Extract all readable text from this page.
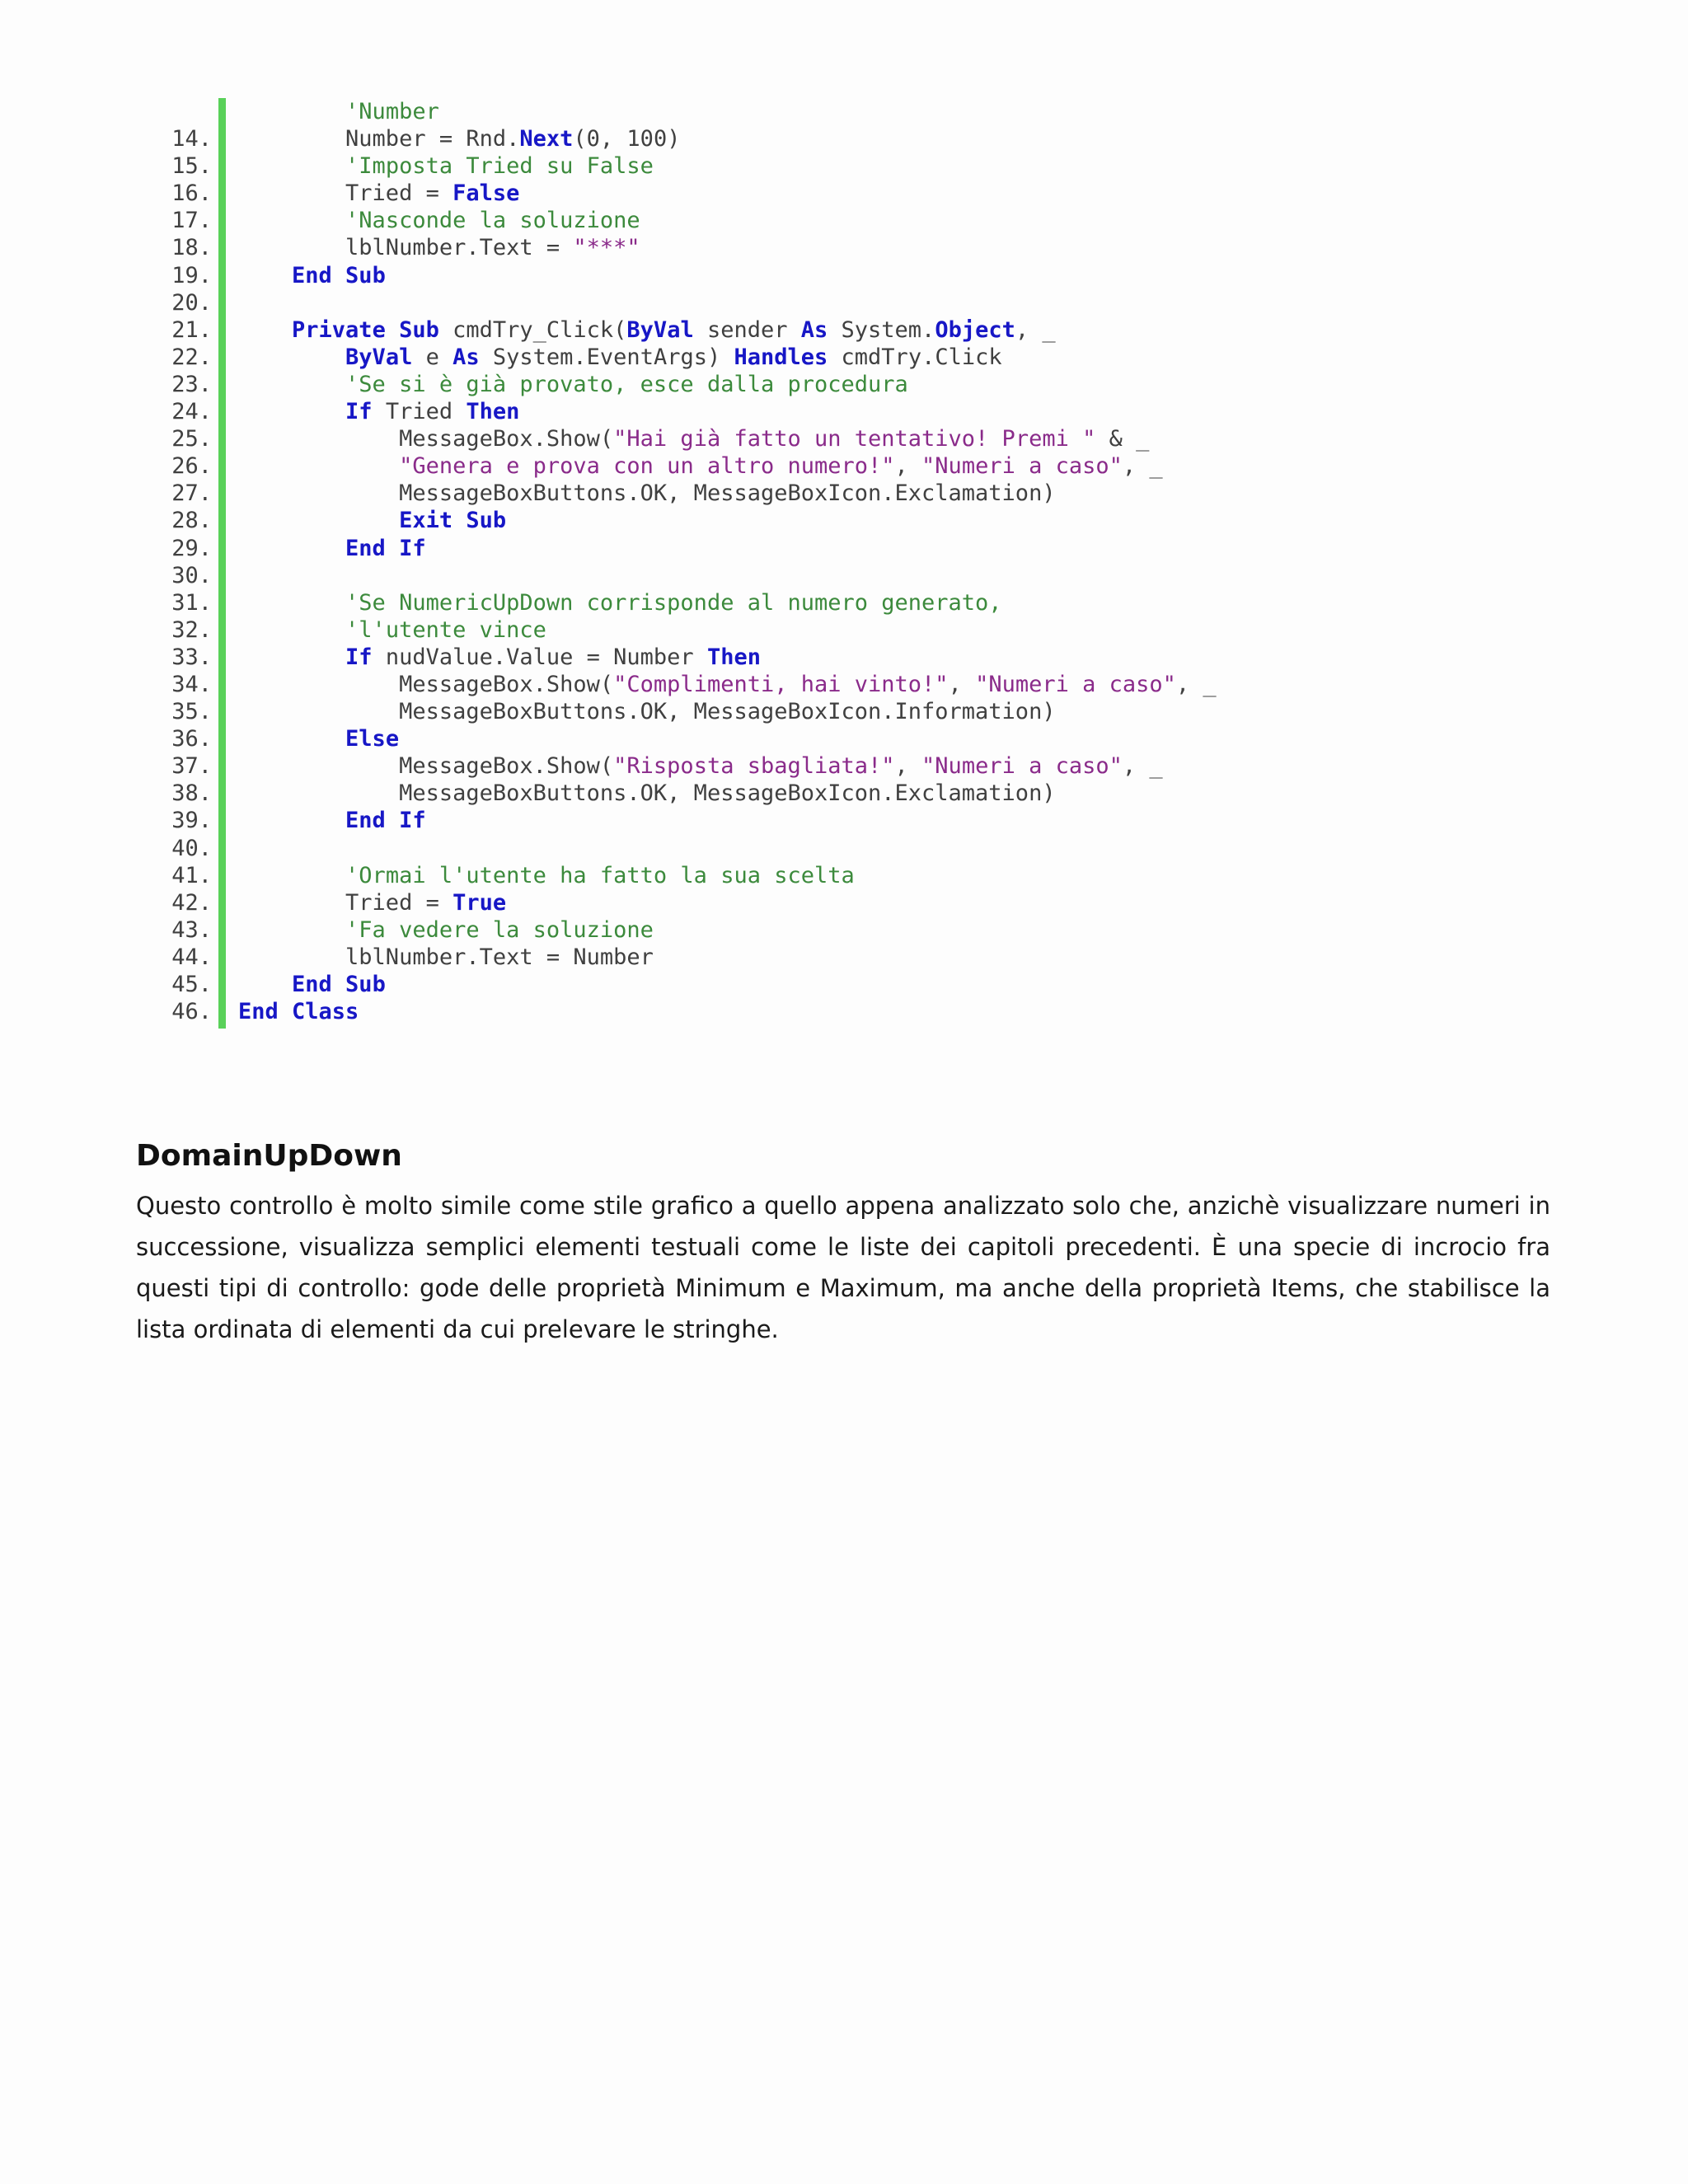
'Number
14. Number = Rnd.Next(0, 100)
15.	'Imposta Tried su False
16. Tried = False
17.	'Nasconde la soluzione
18. lblNumber.Text = "***"
19.	End Sub
20.
21.	Private Sub cmdTry_Click(ByVal sender As System.Object, _
22.	ByVal e As System.EventArgs) Handles cmdTry.Click
23.	'Se si è già provato, esce dalla procedura
24.	If Tried Then
25. MessageBox.Show("Hai già fatto un tentativo! Premi " & _
26.	"Genera e prova con un altro numero!", "Numeri a caso", _
27. MessageBoxButtons.OK, MessageBoxIcon.Exclamation)
28.	Exit Sub
29.	End If
30.
31.	'Se NumericUpDown corrisponde al numero generato,
32.	'l'utente vince
33.	If nudValue.Value = Number Then
34. MessageBox.Show("Complimenti, hai vinto!", "Numeri a caso", _
35. MessageBoxButtons.OK, MessageBoxIcon.Information)
36.	Else
37. MessageBox.Show("Risposta sbagliata!", "Numeri a caso", _
38. MessageBoxButtons.OK, MessageBoxIcon.Exclamation)
39.	End If
40.
41.	'Ormai l'utente ha fatto la sua scelta
42. Tried = True
43.	'Fa vedere la soluzione
44. lblNumber.Text = Number
45.	End Sub
46. End Class
DomainUpDown

Questo controllo è molto simile come stile grafico a quello appena analizzato solo che, anzichè visualizzare numeri in successione, visualizza semplici elementi testuali come le liste dei capitoli precedenti. È una specie di incrocio fra questi tipi di controllo: gode delle proprietà Minimum e Maximum, ma anche della proprietà Items, che stabilisce la lista ordinata di elementi da cui prelevare le stringhe.
